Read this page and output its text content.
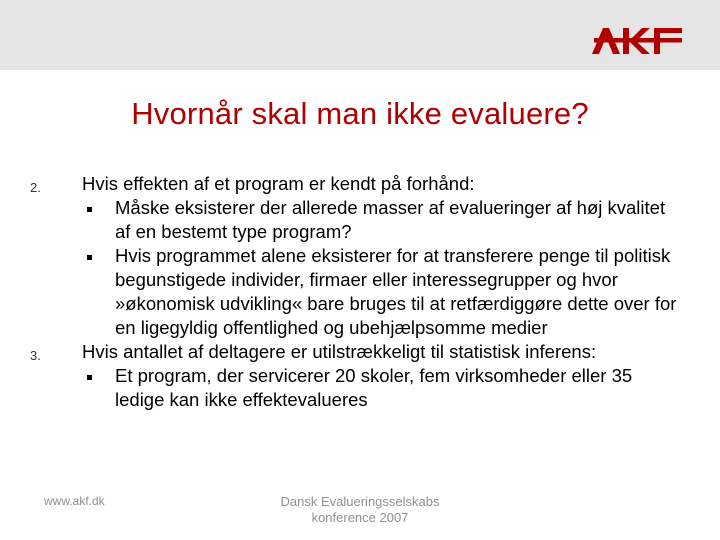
Hvornår skal man ikke evaluere?
2. Hvis effekten af et program er kendt på forhånd:
Måske eksisterer der allerede masser af evalueringer af høj kvalitet af en bestemt type program?
Hvis programmet alene eksisterer for at transferere penge til politisk begunstigede individer, firmaer eller interessegrupper og hvor »økonomisk udvikling« bare bruges til at retfærdiggøre dette over for en ligegyldig offentlighed og ubehjælpsomme medier
3. Hvis antallet af deltagere er utilstrækkeligt til statistisk inferens:
Et program, der servicerer 20 skoler, fem virksomheder eller 35 ledige kan ikke effektevalueres
www.akf.dk	Dansk Evalueringsselskabs
konference 2007
